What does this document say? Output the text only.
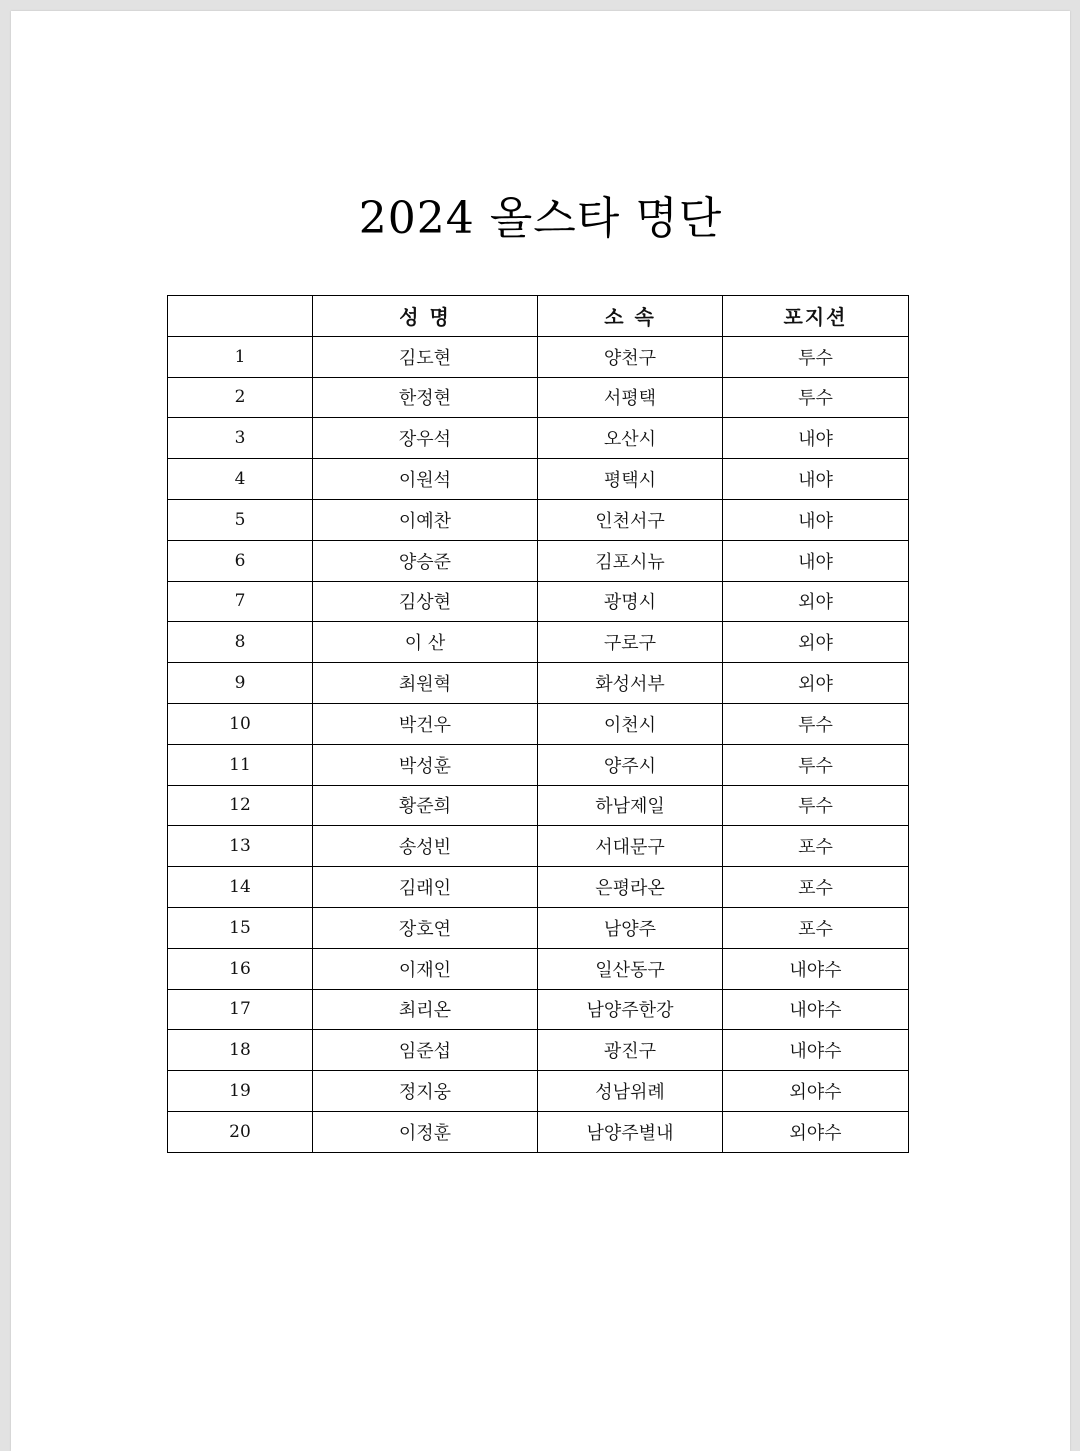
2024 올스타 명단
	성 명	소 속	포지션
1	김도현	양천구	투수
2	한정현	서평택	투수
3	장우석	오산시	내야
4	이원석	평택시	내야
5	이예찬	인천서구	내야
6	양승준	김포시뉴	내야
7	김상현	광명시	외야
8	이 산	구로구	외야
9	최원혁	화성서부	외야
10	박건우	이천시	투수
11	박성훈	양주시	투수
12	황준희	하남제일	투수
13	송성빈	서대문구	포수
14	김래인	은평라온	포수
15	장호연	남양주	포수
16	이재인	일산동구	내야수
17	최리온	남양주한강	내야수
18	임준섭	광진구	내야수
19	정지웅	성남위례	외야수
20	이정훈	남양주별내	외야수
